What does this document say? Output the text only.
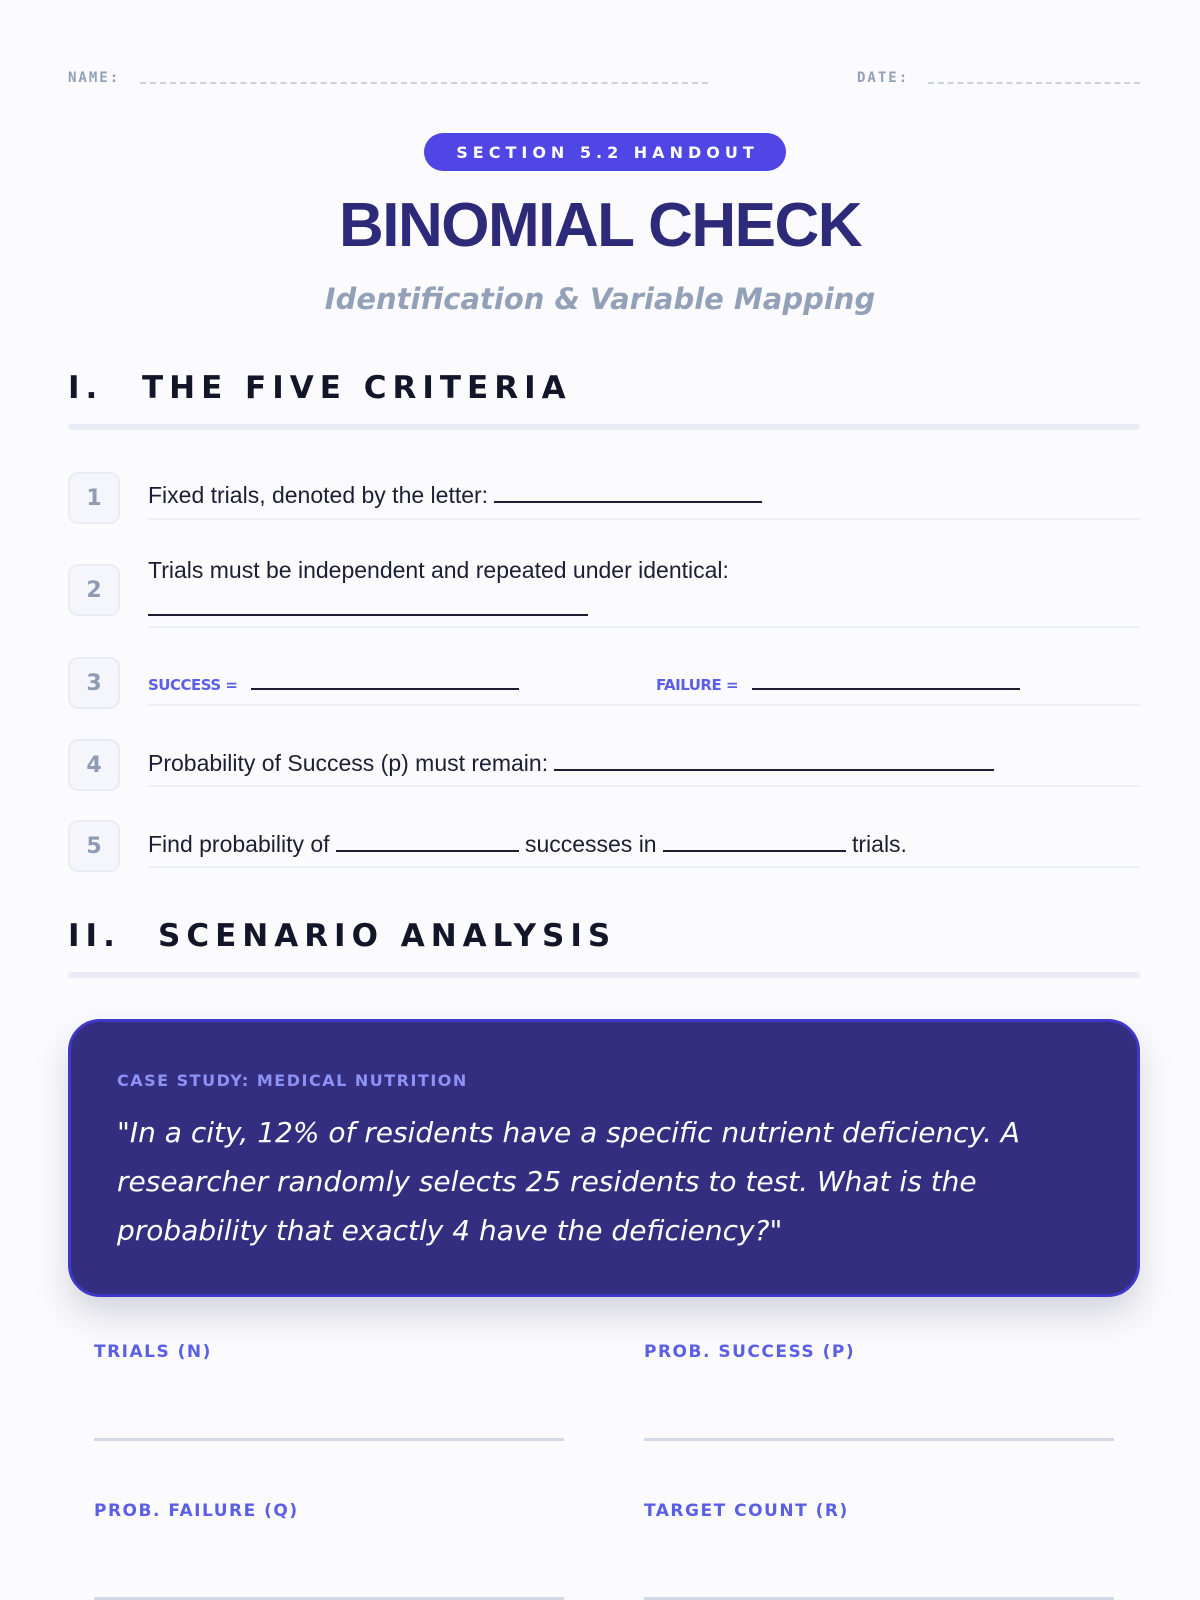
NAME:	DATE:
SECTION 5.2 HANDOUT
BINOMIAL CHECK
Identification & Variable Mapping
I. THE FIVE CRITERIA
1	Fixed trials, denoted by the letter:
2
Trials must be independent and repeated under identical:

3	SUCCESS =	FAILURE =
4	Probability of Success (p) must remain:
5	Find probability of	successes in	trials.
II. SCENARIO ANALYSIS
CASE STUDY: MEDICAL NUTRITION
"In a city, 12% of residents have a specific nutrient deficiency. A researcher randomly selects 25 residents to test. What is the probability that exactly 4 have the deficiency?"
TRIALS (N)	PROB. SUCCESS (P)
PROB. FAILURE (Q)	TARGET COUNT (R)
